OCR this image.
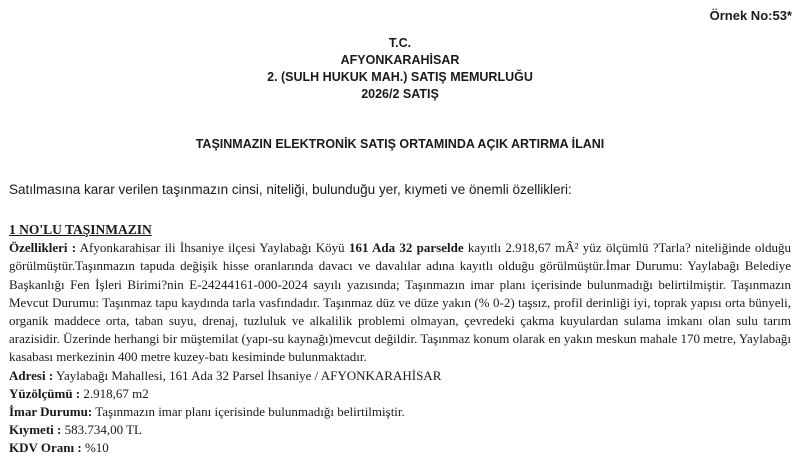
Örnek No:53*
T.C.
AFYONKARAHİSAR
2. (SULH HUKUK MAH.) SATIŞ MEMURLUĞU
2026/2 SATIŞ
TAŞINMAZIN ELEKTRONİK SATIŞ ORTAMINDA AÇIK ARTIRMA İLANI
Satılmasına karar verilen taşınmazın cinsi, niteliği, bulunduğu yer, kıymeti ve önemli özellikleri:
1 NO'LU TAŞINMAZIN
Özellikleri : Afyonkarahisar ili İhsaniye ilçesi Yaylabağı Köyü 161 Ada 32 parselde kayıtlı 2.918,67 mÂ² yüz ölçümlü ?Tarla? niteliğinde olduğu görülmüştür.Taşınmazın tapuda değişik hisse oranlarında davacı ve davalılar adına kayıtlı olduğu görülmüştür.İmar Durumu: Yaylabağı Belediye Başkanlığı Fen İşleri Birimi?nin E-24244161-000-2024 sayılı yazısında; Taşınmazın imar planı içerisinde bulunmadığı belirtilmiştir. Taşınmazın Mevcut Durumu: Taşınmaz tapu kaydında tarla vasfındadır. Taşınmaz düz ve düze yakın (% 0-2) taşsız, profil derinliği iyi, toprak yapısı orta bünyeli, organik maddece orta, taban suyu, drenaj, tuzluluk ve alkalilik problemi olmayan, çevredeki çakma kuyulardan sulama imkanı olan sulu tarım arazisidir. Üzerinde herhangi bir müştemilat (yapı-su kaynağı)mevcut değildir. Taşınmaz konum olarak en yakın meskun mahale 170 metre, Yaylabağı kasabası merkezinin 400 metre kuzey-batı kesiminde bulunmaktadır.
Adresi : Yaylabağı Mahallesi, 161 Ada 32 Parsel İhsaniye / AFYONKARAHİSAR
Yüzölçümü : 2.918,67 m2
İmar Durumu: Taşınmazın imar planı içerisinde bulunmadığı belirtilmiştir.
Kıymeti : 583.734,00 TL
KDV Oranı : %10
